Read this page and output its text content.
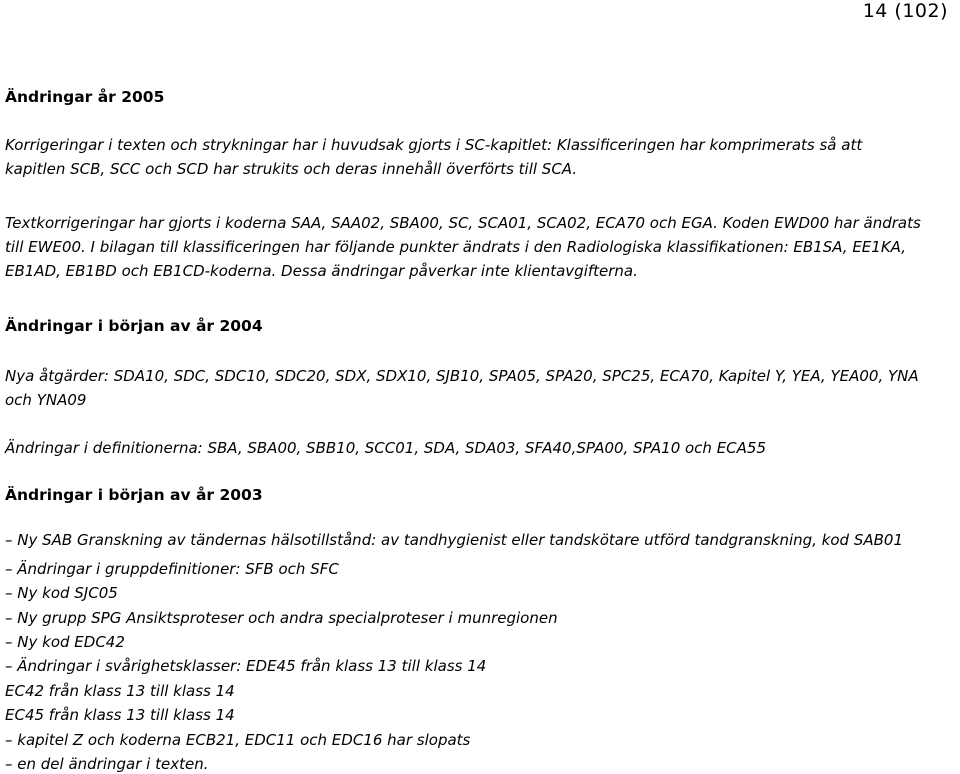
14 (102)
Ändringar år 2005
Korrigeringar i texten och strykningar har i huvudsak gjorts i SC-kapitlet: Klassificeringen har komprimerats så att kapitlen SCB, SCC och SCD har strukits och deras innehåll överförts till SCA.
Textkorrigeringar har gjorts i koderna SAA, SAA02, SBA00, SC, SCA01, SCA02, ECA70 och EGA. Koden EWD00 har ändrats till EWE00. I bilagan till klassificeringen har följande punkter ändrats i den Radiologiska klassifikationen: EB1SA, EE1KA, EB1AD, EB1BD och EB1CD-koderna. Dessa ändringar påverkar inte klientavgifterna.
Ändringar i början av år 2004
Nya åtgärder: SDA10, SDC, SDC10, SDC20, SDX, SDX10, SJB10, SPA05, SPA20, SPC25, ECA70, Kapitel Y, YEA, YEA00, YNA och YNA09
Ändringar i definitionerna: SBA, SBA00, SBB10, SCC01, SDA, SDA03, SFA40,SPA00, SPA10 och ECA55
Ändringar i början av år 2003
– Ny SAB Granskning av tändernas hälsotillstånd: av tandhygienist eller tandskötare utförd tandgranskning, kod SAB01
– Ändringar i gruppdefinitioner: SFB och SFC
– Ny kod SJC05
– Ny grupp SPG Ansiktsproteser och andra specialproteser i munregionen
– Ny kod EDC42
– Ändringar i svårighetsklasser: EDE45 från klass 13 till klass 14
EC42 från klass 13 till klass 14
EC45 från klass 13 till klass 14
– kapitel Z och koderna ECB21, EDC11 och EDC16 har slopats
– en del ändringar i texten.
